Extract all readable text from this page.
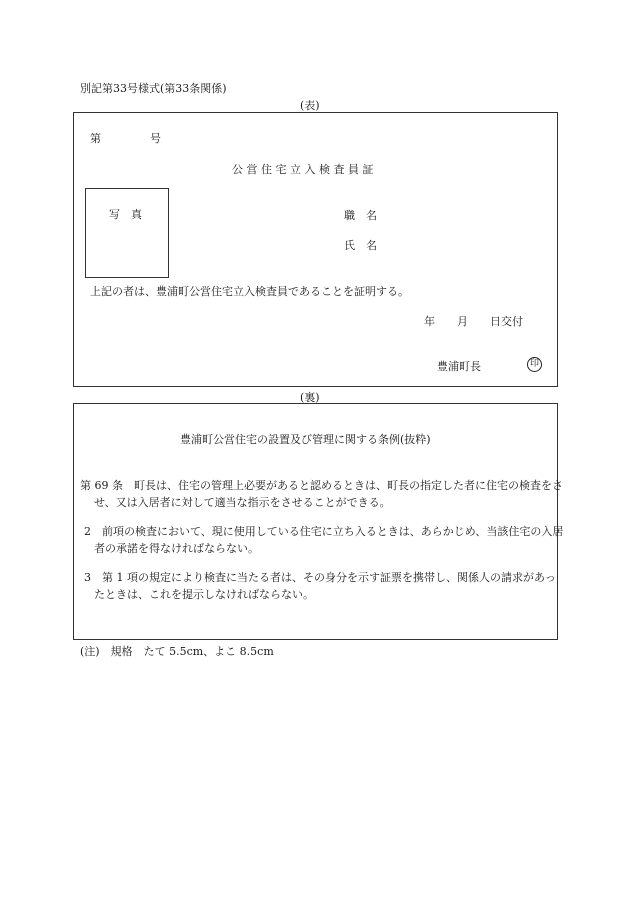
別記第33号様式(第33条関係)
(表)
第	号
公 営 住 宅 立 入 検 査 員 証
写　真	職　名
氏　名
上記の者は、豊浦町公営住宅立入検査員であることを証明する。
年　　月　　日交付
豊浦町長	印
(裏)
豊浦町公営住宅の設置及び管理に関する条例(抜粋)
第 69 条　町長は、住宅の管理上必要があると認めるときは、町長の指定した者に住宅の検査をさせ、又は入居者に対して適当な指示をさせることができる。
2　前項の検査において、現に使用している住宅に立ち入るときは、あらかじめ、当該住宅の入居者の承諾を得なければならない。
3　第 1 項の規定により検査に当たる者は、その身分を示す証票を携帯し、関係人の請求があったときは、これを提示しなければならない。
(注)　規格　たて 5.5cm、よこ 8.5cm
